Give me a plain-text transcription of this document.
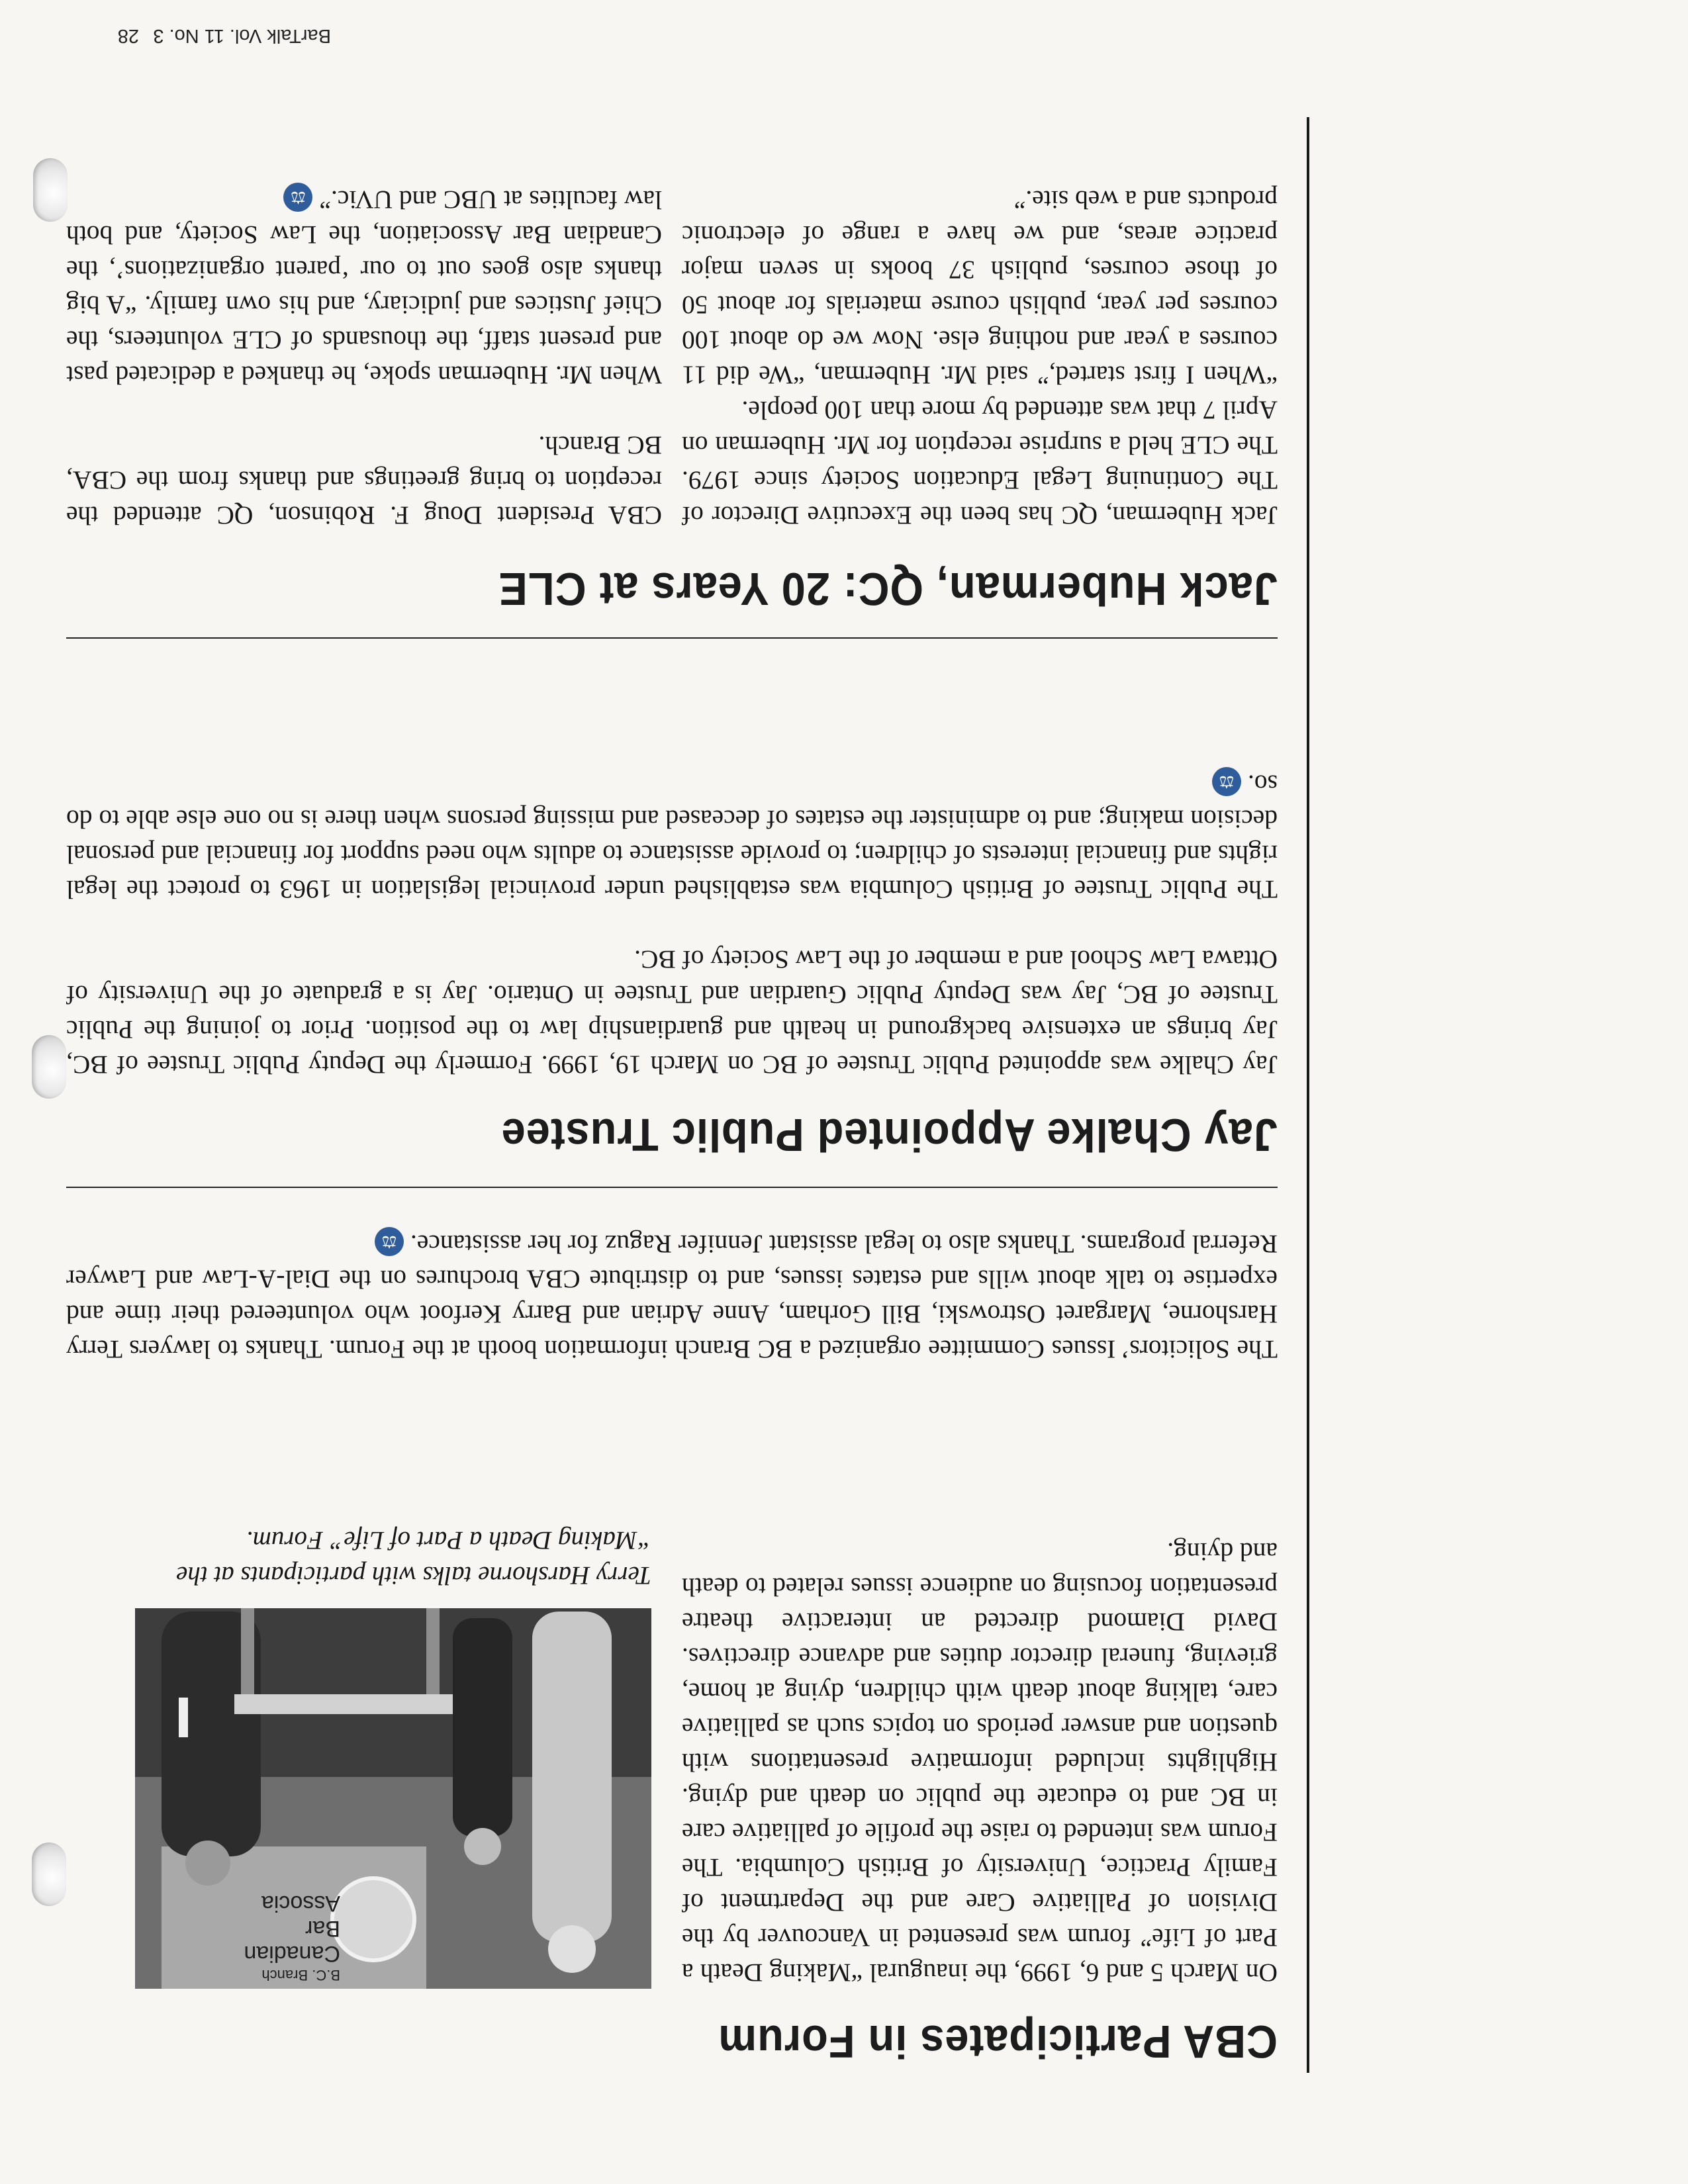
CBA Participates in Forum

On March 5 and 6, 1999, the inaugural “Making Death a Part of Life” forum was presented in Vancouver by the Division of Palliative Care and the Department of Family Practice, University of British Columbia. The Forum was intended to raise the profile of palliative care in BC and to educate the public on death and dying. Highlights included informative presentations with question and answer periods on topics such as palliative care, talking about death with children, dying at home, grieving, funeral director duties and advance directives. David Diamond directed an interactive theatre presentation focusing on audience issues related to death and dying.

B.C. Branch
Canadian
Bar
Associa
Terry Harshorne talks with participants at the “Making Death a Part of Life” Forum.

The Solicitors’ Issues Committee organized a BC Branch information booth at the Forum. Thanks to lawyers Terry Harshorne, Margaret Ostrowski, Bill Gorham, Anne Adrian and Barry Kerfoot who volunteered their time and expertise to talk about wills and estates issues, and to distribute CBA brochures on the Dial-A-Law and Lawyer Referral programs. Thanks also to legal assistant Jennifer Raguz for her assistance.⚖

Jay Chalke Appointed Public Trustee

Jay Chalke was appointed Public Trustee of BC on March 19, 1999. Formerly the Deputy Public Trustee of BC, Jay brings an extensive background in health and guardianship law to the position. Prior to joining the Public Trustee of BC, Jay was Deputy Public Guardian and Trustee in Ontario. Jay is a graduate of the University of Ottawa Law School and a member of the Law Society of BC.

The Public Trustee of British Columbia was established under provincial legislation in 1963 to protect the legal rights and financial interests of children; to provide assistance to adults who need support for financial and personal decision making; and to administer the estates of deceased and missing persons when there is no one else able to do so.⚖

Jack Huberman, QC: 20 Years at CLE

Jack Huberman, QC has been the Executive Director of The Continuing Legal Education Society since 1979. The CLE held a surprise reception for Mr. Huberman on April 7 that was attended by more than 100 people.

“When I first started,” said Mr. Huberman, “We did 11 courses a year and nothing else. Now we do about 100 courses per year, publish course materials for about 50 of those courses, publish 37 books in seven major practice areas, and we have a range of electronic products and a web site.”

CBA President Doug F. Robinson, QC attended the reception to bring greetings and thanks from the CBA, BC Branch.

When Mr. Huberman spoke, he thanked a dedicated past and present staff, the thousands of CLE volunteers, the Chief Justices and judiciary, and his own family. “A big thanks also goes out to our ‘parent organizations’, the Canadian Bar Association, the Law Society, and both law faculties at UBC and UVic.”⚖

28 BarTalk Vol. 11 No. 3
